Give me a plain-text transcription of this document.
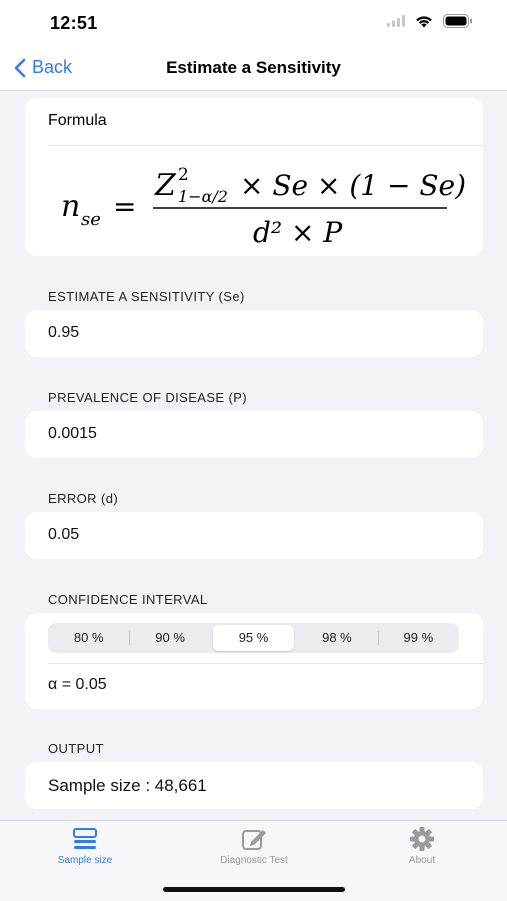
12:51
Back	Estimate a Sensitivity
Formula
n se =
Z 2
1−α/2 × Se × (1 − Se)
d² × P
ESTIMATE A SENSITIVITY (Se)
0.95
PREVALENCE OF DISEASE (P)
0.0015
ERROR (d)
0.05
CONFIDENCE INTERVAL
80 %	90 %	95 %	98 %	99 %
α = 0.05
OUTPUT
Sample size : 48,661
Sample size	Diagnostic Test	About
